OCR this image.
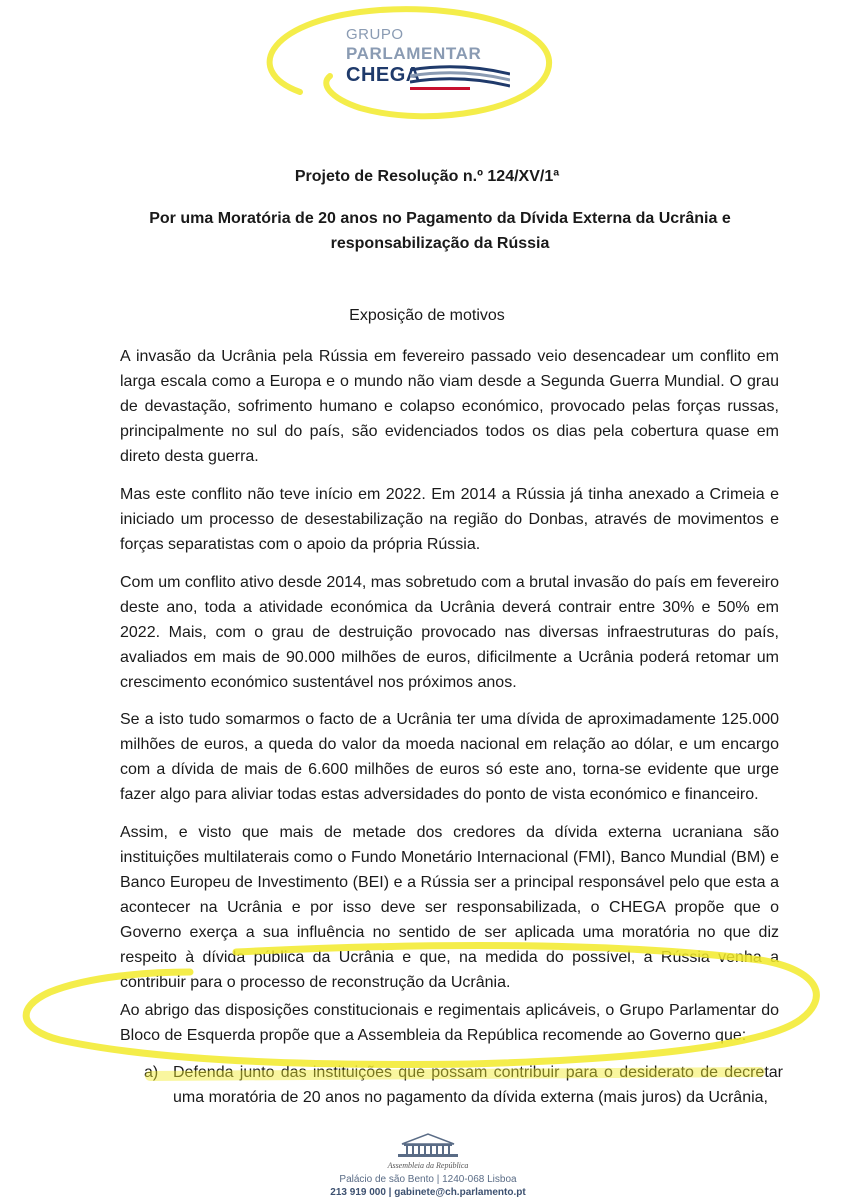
GRUPO
PARLAMENTAR
CHEGA
Projeto de Resolução n.º 124/XV/1ª
Por uma Moratória de 20 anos no Pagamento da Dívida Externa da Ucrânia e responsabilização da Rússia
Exposição de motivos

A invasão da Ucrânia pela Rússia em fevereiro passado veio desencadear um conflito em larga escala como a Europa e o mundo não viam desde a Segunda Guerra Mundial. O grau de devastação, sofrimento humano e colapso económico, provocado pelas forças russas, principalmente no sul do país, são evidenciados todos os dias pela cobertura quase em direto desta guerra.

Mas este conflito não teve início em 2022. Em 2014 a Rússia já tinha anexado a Crimeia e iniciado um processo de desestabilização na região do Donbas, através de movimentos e forças separatistas com o apoio da própria Rússia.

Com um conflito ativo desde 2014, mas sobretudo com a brutal invasão do país em fevereiro deste ano, toda a atividade económica da Ucrânia deverá contrair entre 30% e 50% em 2022. Mais, com o grau de destruição provocado nas diversas infraestruturas do país, avaliados em mais de 90.000 milhões de euros, dificilmente a Ucrânia poderá retomar um crescimento económico sustentável nos próximos anos.

Se a isto tudo somarmos o facto de a Ucrânia ter uma dívida de aproximadamente 125.000 milhões de euros, a queda do valor da moeda nacional em relação ao dólar, e um encargo com a dívida de mais de 6.600 milhões de euros só este ano, torna-se evidente que urge fazer algo para aliviar todas estas adversidades do ponto de vista económico e financeiro.

Assim, e visto que mais de metade dos credores da dívida externa ucraniana são instituições multilaterais como o Fundo Monetário Internacional (FMI), Banco Mundial (BM) e Banco Europeu de Investimento (BEI) e a Rússia ser a principal responsável pelo que esta a acontecer na Ucrânia e por isso deve ser responsabilizada, o CHEGA propõe que o Governo exerça a sua influência no sentido de ser aplicada uma moratória no que diz respeito à dívida pública da Ucrânia e que, na medida do possível, a Rússia venha a contribuir para o processo de reconstrução da Ucrânia.

Ao abrigo das disposições constitucionais e regimentais aplicáveis, o Grupo Parlamentar do Bloco de Esquerda propõe que a Assembleia da República recomende ao Governo que:

a) Defenda junto das instituições que possam contribuir para o desiderato de decretar uma moratória de 20 anos no pagamento da dívida externa (mais juros) da Ucrânia,
Assembleia da República
Palácio de são Bento | 1240-068 Lisboa
213 919 000 | gabinete@ch.parlamento.pt
